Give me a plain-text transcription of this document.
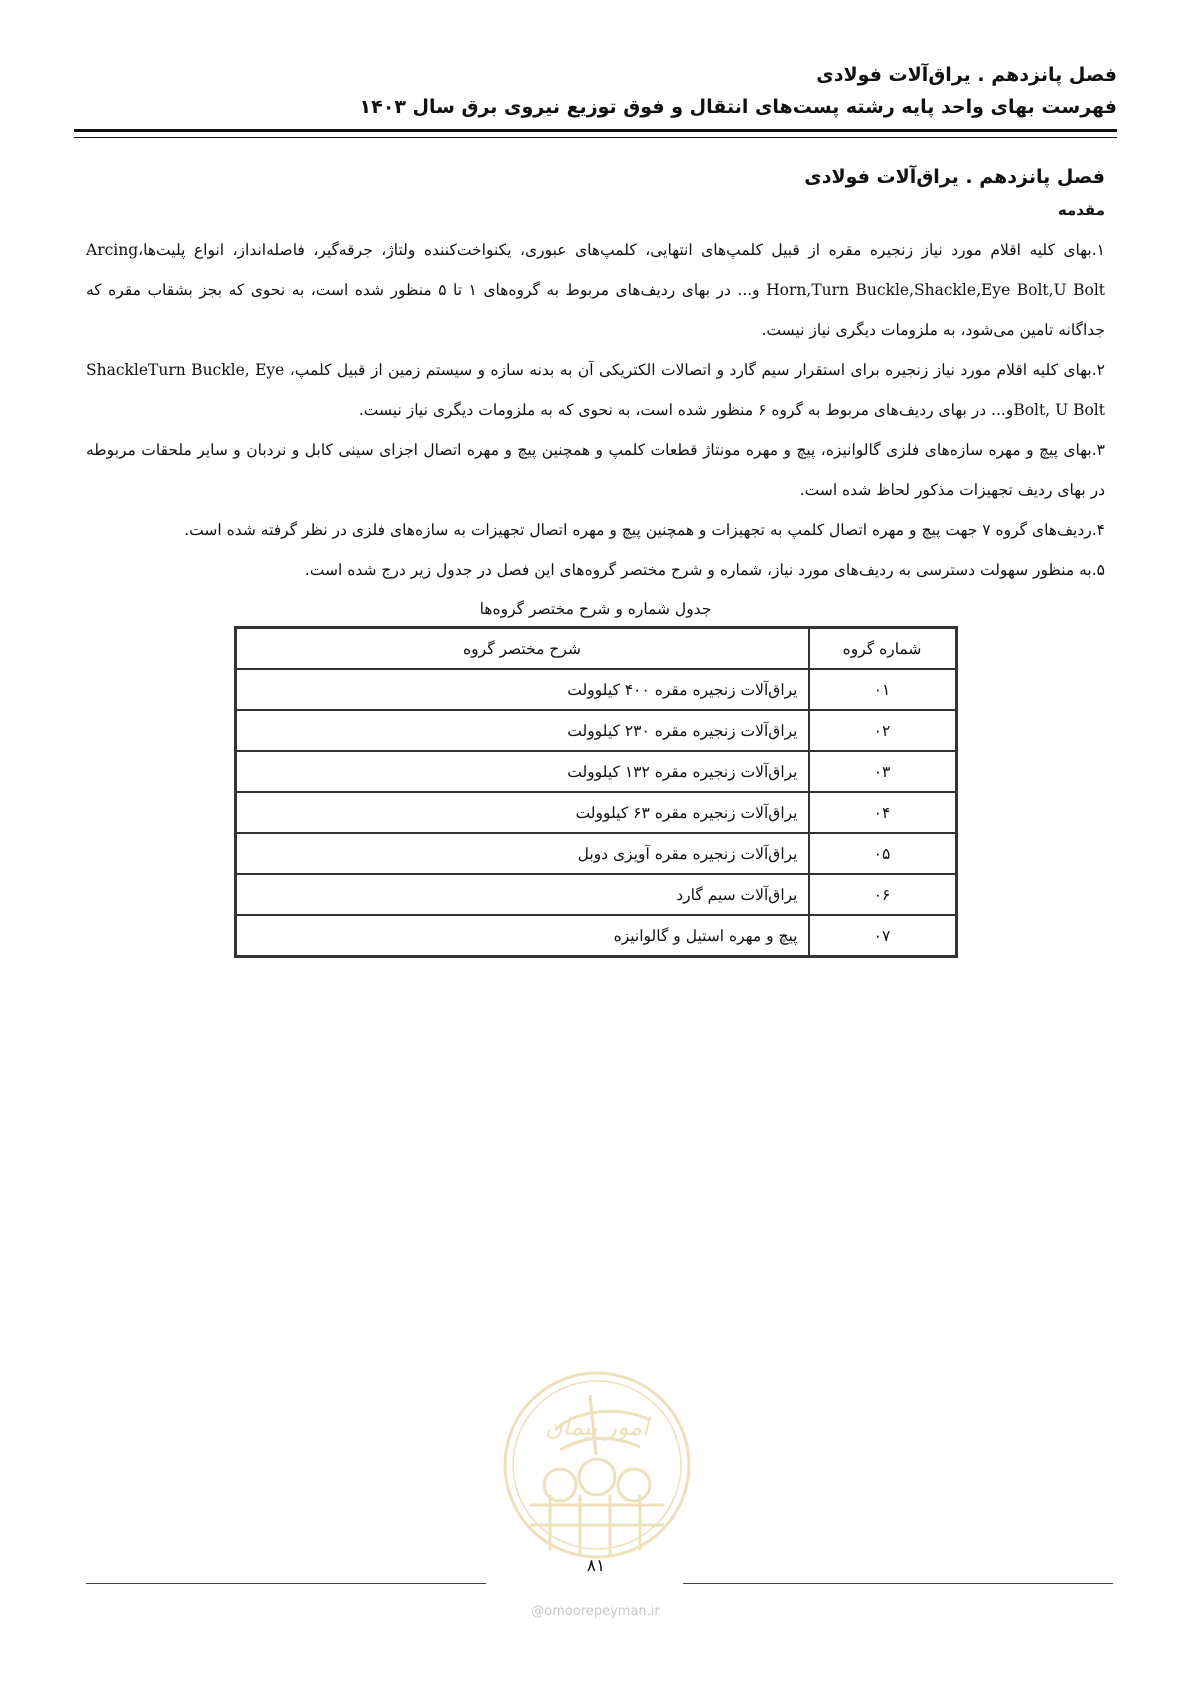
فصل پانزدهم . یراق‌آلات فولادی
فهرست بهای واحد پایه رشته پست‌های انتقال و فوق توزیع نیروی برق سال ۱۴۰۳
فصل پانزدهم . یراق‌آلات فولادی
مقدمه

۱.بهای کلیه اقلام مورد نیاز زنجیره مقره از قبیل کلمپ‌های انتهایی، کلمپ‌های عبوری، یکنواخت‌کننده ولتاژ، جرقه‌گیر، فاصله‌انداز، انواع پلیت‌ها،Arcing Horn,Turn Buckle,Shackle,Eye Bolt,U Bolt و... در بهای ردیف‌های مربوط به گروه‌های ۱ تا ۵ منظور شده است، به نحوی که بجز بشقاب مقره که جداگانه تامین می‌شود، به ملزومات دیگری نیاز نیست.

۲.بهای کلیه اقلام مورد نیاز زنجیره برای استقرار سیم گارد و اتصالات الکتریکی آن به بدنه سازه و سیستم زمین از قبیل کلمپ، ShackleTurn Buckle, Eye Bolt, U Boltو... در بهای ردیف‌های مربوط به گروه ۶ منظور شده است، به نحوی که به ملزومات دیگری نیاز نیست.

۳.بهای پیچ و مهره سازه‌های فلزی گالوانیزه، پیچ و مهره مونتاژ قطعات کلمپ و همچنین پیچ و مهره اتصال اجزای سینی کابل و نردبان و سایر ملحقات مربوطه در بهای ردیف تجهیزات مذکور لحاظ شده است.

۴.ردیف‌های گروه ۷ جهت پیچ و مهره اتصال کلمپ به تجهیزات و همچنین پیچ و مهره اتصال تجهیزات به سازه‌های فلزی در نظر گرفته شده است.

۵.به منظور سهولت دسترسی به ردیف‌های مورد نیاز، شماره و شرح مختصر گروه‌های این فصل در جدول زیر درج شده است.

جدول شماره و شرح مختصر گروه‌ها
شماره گروه	شرح مختصر گروه
۰۱	یراق‌آلات زنجیره مقره ۴۰۰ کیلوولت
۰۲	یراق‌آلات زنجیره مقره ۲۳۰ کیلوولت
۰۳	یراق‌آلات زنجیره مقره ۱۳۲ کیلوولت
۰۴	یراق‌آلات زنجیره مقره ۶۳ کیلوولت
۰۵	یراق‌آلات زنجیره مقره آویزی دوبل
۰۶	یراق‌آلات سیم گارد
۰۷	پیچ و مهره استیل و گالوانیزه
امور پیمان
۸۱
@omoorepeyman.ir
